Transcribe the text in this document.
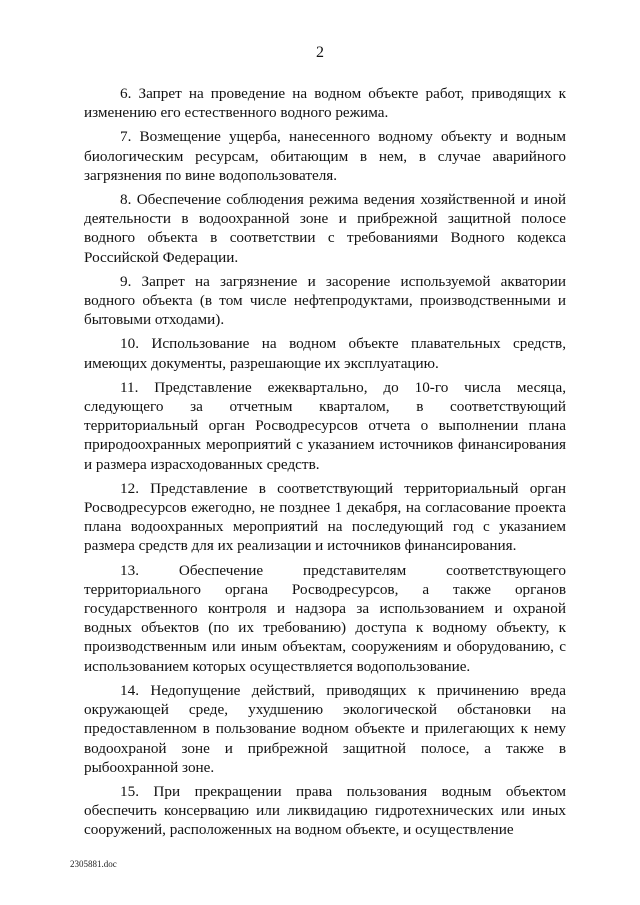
2

6. Запрет на проведение на водном объекте работ, приводящих к изменению его естественного водного режима.

7. Возмещение ущерба, нанесенного водному объекту и водным биологическим ресурсам, обитающим в нем, в случае аварийного загрязнения по вине водопользователя.

8. Обеспечение соблюдения режима ведения хозяйственной и иной деятельности в водоохранной зоне и прибрежной защитной полосе водного объекта в соответствии с требованиями Водного кодекса Российской Федерации.

9. Запрет на загрязнение и засорение используемой акватории водного объекта (в том числе нефтепродуктами, производственными и бытовыми отходами).

10. Использование на водном объекте плавательных средств, имеющих документы, разрешающие их эксплуатацию.

11. Представление ежеквартально, до 10-го числа месяца, следующего за отчетным кварталом, в соответствующий территориальный орган Росводресурсов отчета о выполнении плана природоохранных мероприятий с указанием источников финансирования и размера израсходованных средств.

12. Представление в соответствующий территориальный орган Росводресурсов ежегодно, не позднее 1 декабря, на согласование проекта плана водоохранных мероприятий на последующий год с указанием размера средств для их реализации и источников финансирования.

13. Обеспечение представителям соответствующего территориального органа Росводресурсов, а также органов государственного контроля и надзора за использованием и охраной водных объектов (по их требованию) доступа к водному объекту, к производственным или иным объектам, сооружениям и оборудованию, с использованием которых осуществляется водопользование.

14. Недопущение действий, приводящих к причинению вреда окружающей среде, ухудшению экологической обстановки на предоставленном в пользование водном объекте и прилегающих к нему водоохраной зоне и прибрежной защитной полосе, а также в рыбоохранной зоне.

15. При прекращении права пользования водным объектом обеспечить консервацию или ликвидацию гидротехнических или иных сооружений, расположенных на водном объекте, и осуществление

2305881.doc
